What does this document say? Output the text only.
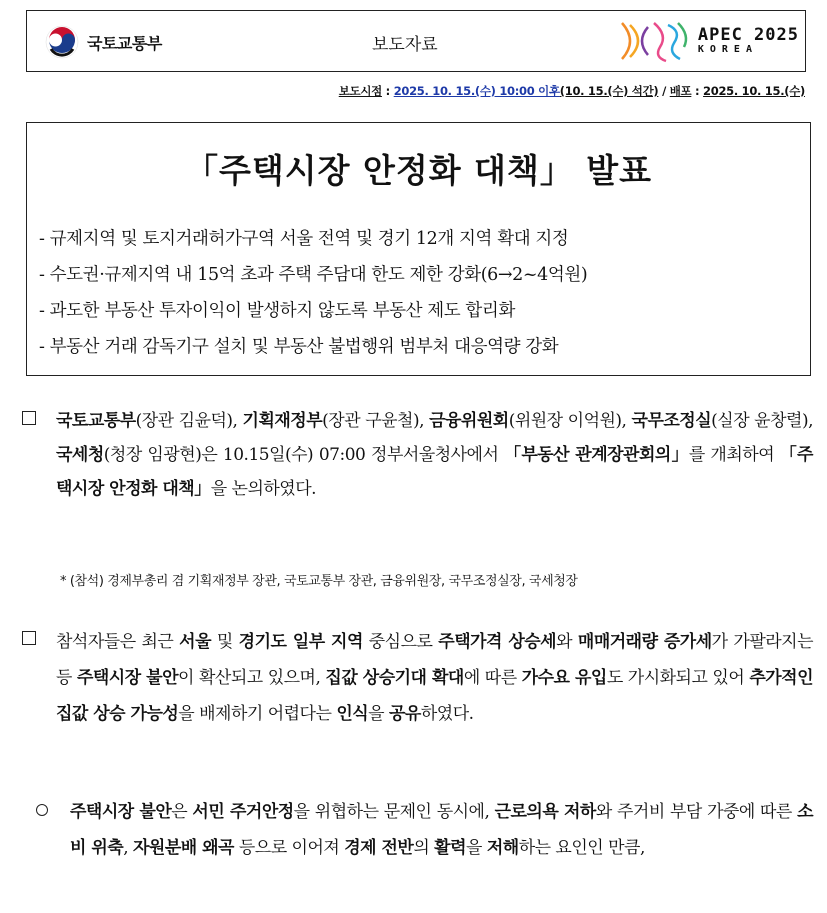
국토교통부	보도자료
APEC 2025
KOREA
보도시점 : 2025. 10. 15.(수) 10:00 이후(10. 15.(수) 석간) / 배포 : 2025. 10. 15.(수)
「주택시장 안정화 대책」 발표
- 규제지역 및 토지거래허가구역 서울 전역 및 경기 12개 지역 확대 지정
- 수도권·규제지역 내 15억 초과 주택 주담대 한도 제한 강화(6→2~4억원)
- 과도한 부동산 투자이익이 발생하지 않도록 부동산 제도 합리화
- 부동산 거래 감독기구 설치 및 부동산 불법행위 범부처 대응역량 강화
국토교통부(장관 김윤덕), 기획재정부(장관 구윤철), 금융위원회(위원장 이억원), 국무조정실(실장 윤창렬), 국세청(청장 임광현)은 10.15일(수) 07:00 정부서울청사에서 「부동산 관계장관회의」를 개최하여 「주택시장 안정화 대책」을 논의하였다.
* (참석) 경제부총리 겸 기획재정부 장관, 국토교통부 장관, 금융위원장, 국무조정실장, 국세청장
참석자들은 최근 서울 및 경기도 일부 지역 중심으로 주택가격 상승세와 매매거래량 증가세가 가팔라지는 등 주택시장 불안이 확산되고 있으며, 집값 상승기대 확대에 따른 가수요 유입도 가시화되고 있어 추가적인 집값 상승 가능성을 배제하기 어렵다는 인식을 공유하였다.
주택시장 불안은 서민 주거안정을 위협하는 문제인 동시에, 근로의욕 저하와 주거비 부담 가중에 따른 소비 위축, 자원분배 왜곡 등으로 이어져 경제 전반의 활력을 저해하는 요인인 만큼,
